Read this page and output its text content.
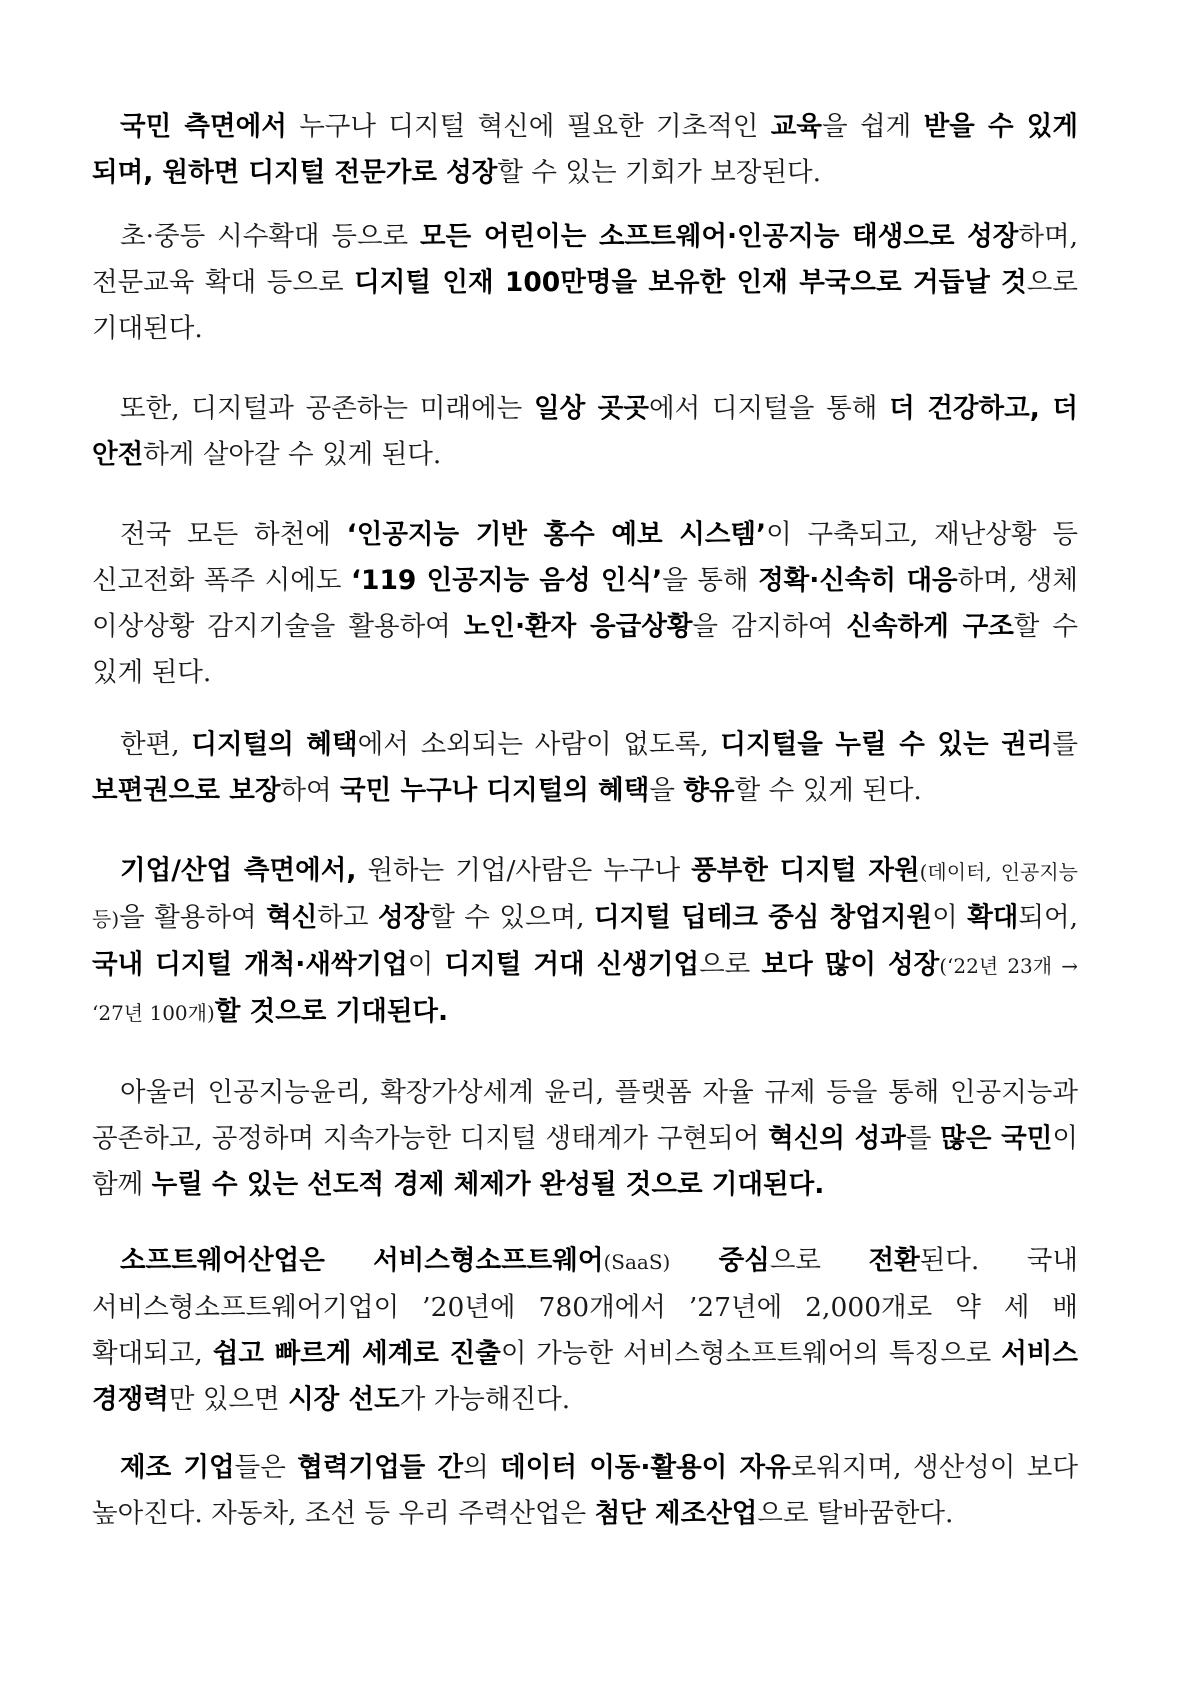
국민 측면에서 누구나 디지털 혁신에 필요한 기초적인 교육을 쉽게 받을 수 있게 되며, 원하면 디지털 전문가로 성장할 수 있는 기회가 보장된다.

초·중등 시수확대 등으로 모든 어린이는 소프트웨어·인공지능 태생으로 성장하며, 전문교육 확대 등으로 디지털 인재 100만명을 보유한 인재 부국으로 거듭날 것으로 기대된다.

또한, 디지털과 공존하는 미래에는 일상 곳곳에서 디지털을 통해 더 건강하고, 더 안전하게 살아갈 수 있게 된다.

전국 모든 하천에 ‘인공지능 기반 홍수 예보 시스템’이 구축되고, 재난상황 등 신고전화 폭주 시에도 ‘119 인공지능 음성 인식’을 통해 정확·신속히 대응하며, 생체 이상상황 감지기술을 활용하여 노인·환자 응급상황을 감지하여 신속하게 구조할 수 있게 된다.

한편, 디지털의 혜택에서 소외되는 사람이 없도록, 디지털을 누릴 수 있는 권리를 보편권으로 보장하여 국민 누구나 디지털의 혜택을 향유할 수 있게 된다.

기업/산업 측면에서, 원하는 기업/사람은 누구나 풍부한 디지털 자원(데이터, 인공지능 등)을 활용하여 혁신하고 성장할 수 있으며, 디지털 딥테크 중심 창업지원이 확대되어, 국내 디지털 개척·새싹기업이 디지털 거대 신생기업으로 보다 많이 성장(‘22년 23개 → ‘27년 100개)할 것으로 기대된다.

아울러 인공지능윤리, 확장가상세계 윤리, 플랫폼 자율 규제 등을 통해 인공지능과 공존하고, 공정하며 지속가능한 디지털 생태계가 구현되어 혁신의 성과를 많은 국민이 함께 누릴 수 있는 선도적 경제 체제가 완성될 것으로 기대된다.

소프트웨어산업은 서비스형소프트웨어(SaaS) 중심으로 전환된다. 국내 서비스형소프트웨어기업이 ’20년에 780개에서 ’27년에 2,000개로 약 세 배 확대되고, 쉽고 빠르게 세계로 진출이 가능한 서비스형소프트웨어의 특징으로 서비스 경쟁력만 있으면 시장 선도가 가능해진다.

제조 기업들은 협력기업들 간의 데이터 이동·활용이 자유로워지며, 생산성이 보다 높아진다. 자동차, 조선 등 우리 주력산업은 첨단 제조산업으로 탈바꿈한다.
